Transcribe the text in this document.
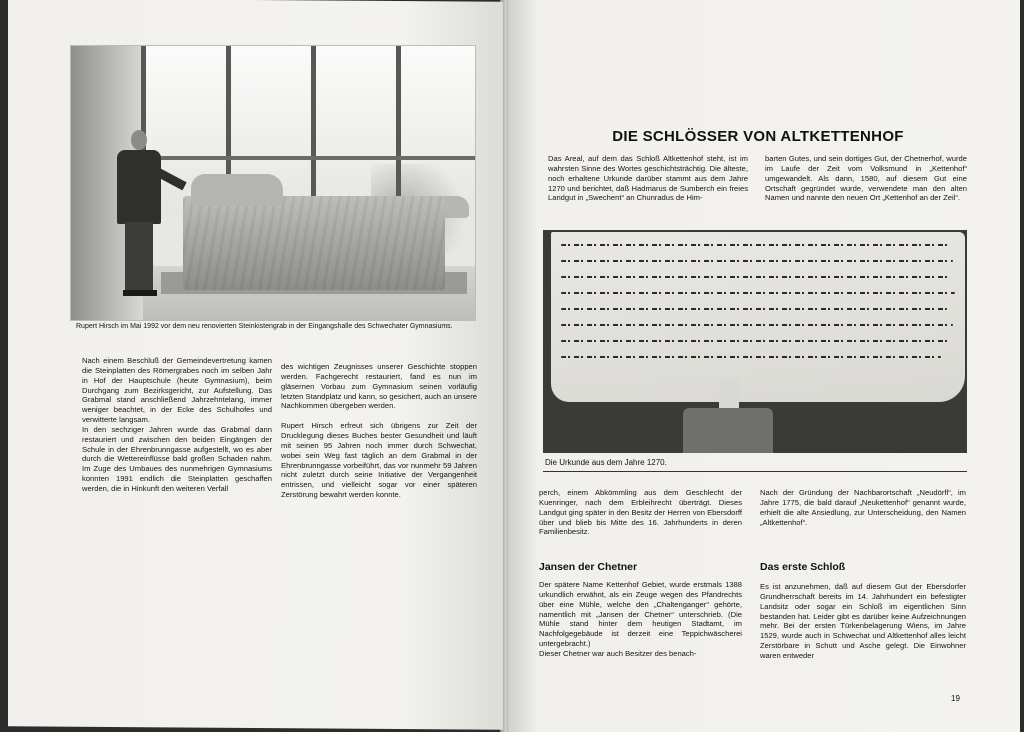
Rupert Hirsch im Mai 1992 vor dem neu renovierten Steinkistengrab in der Eingangshalle des Schwechater Gymnasiums.

Nach einem Beschluß der Gemeindevertretung kamen die Steinplatten des Römergrabes noch im selben Jahr in Hof der Hauptschule (heute Gymnasium), beim Durchgang zum Bezirksgericht, zur Aufstellung. Das Grabmal stand anschließend Jahrzehntelang, immer weniger beachtet, in der Ecke des Schulhofes und verwitterte langsam.

In den sechziger Jahren wurde das Grabmal dann restauriert und zwischen den beiden Eingängen der Schule in der Ehrenbrunngasse aufgestellt, wo es aber durch die Wettereinflüsse bald großen Schaden nahm. Im Zuge des Umbaues des nunmehrigen Gymnasiums konnten 1991 endlich die Steinplatten geschaffen werden, die in Hinkunft den weiteren Verfall

des wichtigen Zeugnisses unserer Geschichte stoppen werden. Fachgerecht restauriert, fand es nun im gläsernen Vorbau zum Gymnasium seinen vorläufig letzten Standplatz und kann, so gesichert, auch an unsere Nachkommen übergeben werden.

Rupert Hirsch erfreut sich übrigens zur Zeit der Drucklegung dieses Buches bester Gesundheit und läuft mit seinen 95 Jahren noch immer durch Schwechat, wobei sein Weg fast täglich an dem Grabmal in der Ehrenbrunngasse vorbeiführt, das vor nunmehr 59 Jahren nicht zuletzt durch seine Initiative der Vergangenheit entrissen, und vielleicht sogar vor einer späteren Zerstörung bewahrt werden konnte.

DIE SCHLÖSSER VON ALTKETTENHOF

Das Areal, auf dem das Schloß Altkettenhof steht, ist im wahrsten Sinne des Wortes geschichtsträchtig. Die älteste, noch erhaltene Urkunde darüber stammt aus dem Jahre 1270 und berichtet, daß Hadmarus de Sumberch ein freies Landgut in „Swechent“ an Chunradus de Him-

barten Gutes, und sein dortiges Gut, der Chetnerhof, wurde im Laufe der Zeit vom Volksmund in „Kettenhof“ umgewandelt. Als dann, 1580, auf diesem Gut eine Ortschaft gegründet wurde, verwendete man den alten Namen und nannte den neuen Ort „Kettenhof an der Zeil“.

Die Urkunde aus dem Jahre 1270.

perch, einem Abkömmling aus dem Geschlecht der Kuenringer, nach dem Erbleihrecht überträgt. Dieses Landgut ging später in den Besitz der Herren von Ebersdorff über und blieb bis Mitte des 16. Jahrhunderts in deren Familienbesitz.

Jansen der Chetner

Der spätere Name Kettenhof Gebiet, wurde erstmals 1388 urkundlich erwähnt, als ein Zeuge wegen des Pfandrechts über eine Mühle, welche den „Chaltenganger“ gehörte, namentlich mit „Jansen der Chetner“ unterschrieb. (Die Mühle stand hinter dem heutigen Stadtamt, im Nachfolgegebäude ist derzeit eine Teppichwäscherei untergebracht.)

Dieser Chetner war auch Besitzer des benach-

Nach der Gründung der Nachbarortschaft „Neudörfl“, im Jahre 1775, die bald darauf „Neukettenhof“ genannt wurde, erhielt die alte Ansiedlung, zur Unterscheidung, den Namen „Altkettenhof“.

Das erste Schloß

Es ist anzunehmen, daß auf diesem Gut der Ebersdorfer Grundherrschaft bereits im 14. Jahrhundert ein befestigter Landsitz oder sogar ein Schloß im eigentlichen Sinn bestanden hat. Leider gibt es darüber keine Aufzeichnungen mehr. Bei der ersten Türkenbelagerung Wiens, im Jahre 1529, wurde auch in Schwechat und Altkettenhof alles leicht Zerstörbare in Schutt und Asche gelegt. Die Einwohner waren entweder

19
